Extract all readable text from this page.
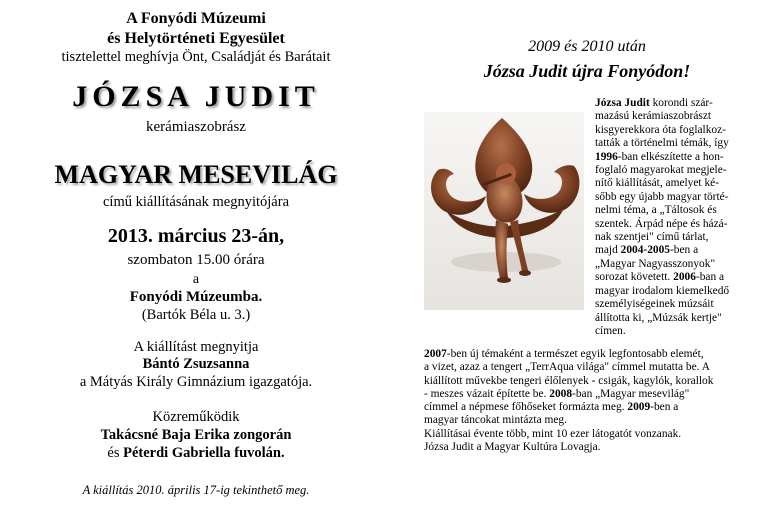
A Fonyódi Múzeumi
és Helytörténeti Egyesület
tisztelettel meghívja Önt, Családját és Barátait
JÓZSA JUDIT
kerámiaszobrász
MAGYAR MESEVILÁG
című kiállításának megnyitójára
2013. március 23-án,
szombaton 15.00 órára
a
Fonyódi Múzeumba.
(Bartók Béla u. 3.)
A kiállítást megnyitja
Bántó Zsuzsanna
a Mátyás Király Gimnázium igazgatója.
Közreműködik
Takácsné Baja Erika zongorán
és Péterdi Gabriella fuvolán.
A kiállítás 2010. április 17-ig tekinthető meg.
2009 és 2010 után
Józsa Judit újra Fonyódon!
Józsa Judit korondi szár-
mazású kerámiaszobrászt
kisgyerekkora óta foglalkoz-
tatták a történelmi témák, így
1996-ban elkészítette a hon-
foglaló magyarokat megjele-
nítő kiállítását, amelyet ké-
sőbb egy újabb magyar törté-
nelmi téma, a „Táltosok és
szentek. Árpád népe és házá-
nak szentjei" című tárlat,
majd 2004-2005-ben a
„Magyar Nagyasszonyok"
sorozat követett. 2006-ban a
magyar irodalom kiemelkedő
személyiségeinek múzsáit
állította ki, „Múzsák kertje"
címen.
2007-ben új témaként a természet egyik legfontosabb elemét,
a vizet, azaz a tengert „TerrAqua világa" címmel mutatta be. A
kiállított művekbe tengeri élőlenyek - csigák, kagylók, korallok
- meszes vázait építette be. 2008-ban „Magyar mesevilág"
címmel a népmese főhőseket formázta meg. 2009-ben a
magyar táncokat mintázta meg.
Kiállításai évente több, mint 10 ezer látogatót vonzanak.
Józsa Judit a Magyar Kultúra Lovagja.
